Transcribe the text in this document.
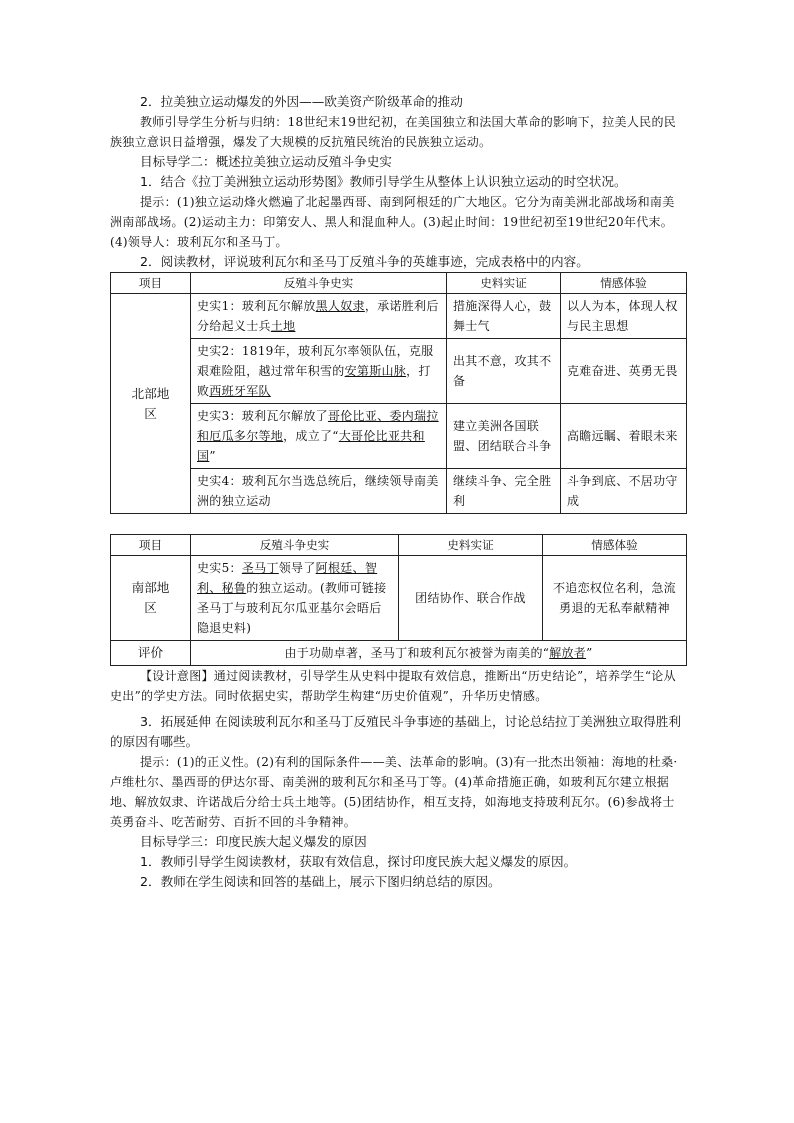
2．拉美独立运动爆发的外因——欧美资产阶级革命的推动

教师引导学生分析与归纳：18世纪末19世纪初，在美国独立和法国大革命的影响下，拉美人民的民族独立意识日益增强，爆发了大规模的反抗殖民统治的民族独立运动。

目标导学二：概述拉美独立运动反殖斗争史实

1．结合《拉丁美洲独立运动形势图》教师引导学生从整体上认识独立运动的时空状况。

提示：(1)独立运动烽火燃遍了北起墨西哥、南到阿根廷的广大地区。它分为南美洲北部战场和南美洲南部战场。(2)运动主力：印第安人、黑人和混血种人。(3)起止时间：19世纪初至19世纪20年代末。(4)领导人：玻利瓦尔和圣马丁。

2．阅读教材，评说玻利瓦尔和圣马丁反殖斗争的英雄事迹，完成表格中的内容。

项目	反殖斗争史实	史料实证	情感体验
北部地区	史实1：玻利瓦尔解放黑人奴隶，承诺胜利后分给起义士兵土地	措施深得人心，鼓舞士气	以人为本，体现人权与民主思想
	史实2：1819年，玻利瓦尔率领队伍，克服艰难险阻，越过常年积雪的安第斯山脉，打败西班牙军队	出其不意，攻其不备	克难奋进、英勇无畏
	史实3：玻利瓦尔解放了哥伦比亚、委内瑞拉和厄瓜多尔等地，成立了“大哥伦比亚共和国”	建立美洲各国联盟、团结联合斗争	高瞻远瞩、着眼未来
	史实4：玻利瓦尔当选总统后，继续领导南美洲的独立运动	继续斗争、完全胜利	斗争到底、不居功守成
项目	反殖斗争史实	史料实证	情感体验
南部地区	史实5：圣马丁领导了阿根廷、智利、秘鲁的独立运动。(教师可链接圣马丁与玻利瓦尔瓜亚基尔会晤后隐退史料)	团结协作、联合作战	不追恋权位名利，急流勇退的无私奉献精神
评价	由于功勋卓著，圣马丁和玻利瓦尔被誉为南美的“解放者”		

【设计意图】通过阅读教材，引导学生从史料中提取有效信息，推断出“历史结论”，培养学生“论从史出”的学史方法。同时依据史实，帮助学生构建“历史价值观”，升华历史情感。

3．拓展延伸 在阅读玻利瓦尔和圣马丁反殖民斗争事迹的基础上，讨论总结拉丁美洲独立取得胜利的原因有哪些。

提示：(1)的正义性。(2)有利的国际条件——美、法革命的影响。(3)有一批杰出领袖：海地的杜桑·卢维杜尔、墨西哥的伊达尔哥、南美洲的玻利瓦尔和圣马丁等。(4)革命措施正确，如玻利瓦尔建立根据地、解放奴隶、许诺战后分给士兵土地等。(5)团结协作，相互支持，如海地支持玻利瓦尔。(6)参战将士英勇奋斗、吃苦耐劳、百折不回的斗争精神。

目标导学三：印度民族大起义爆发的原因

1．教师引导学生阅读教材，获取有效信息，探讨印度民族大起义爆发的原因。

2．教师在学生阅读和回答的基础上，展示下图归纳总结的原因。
